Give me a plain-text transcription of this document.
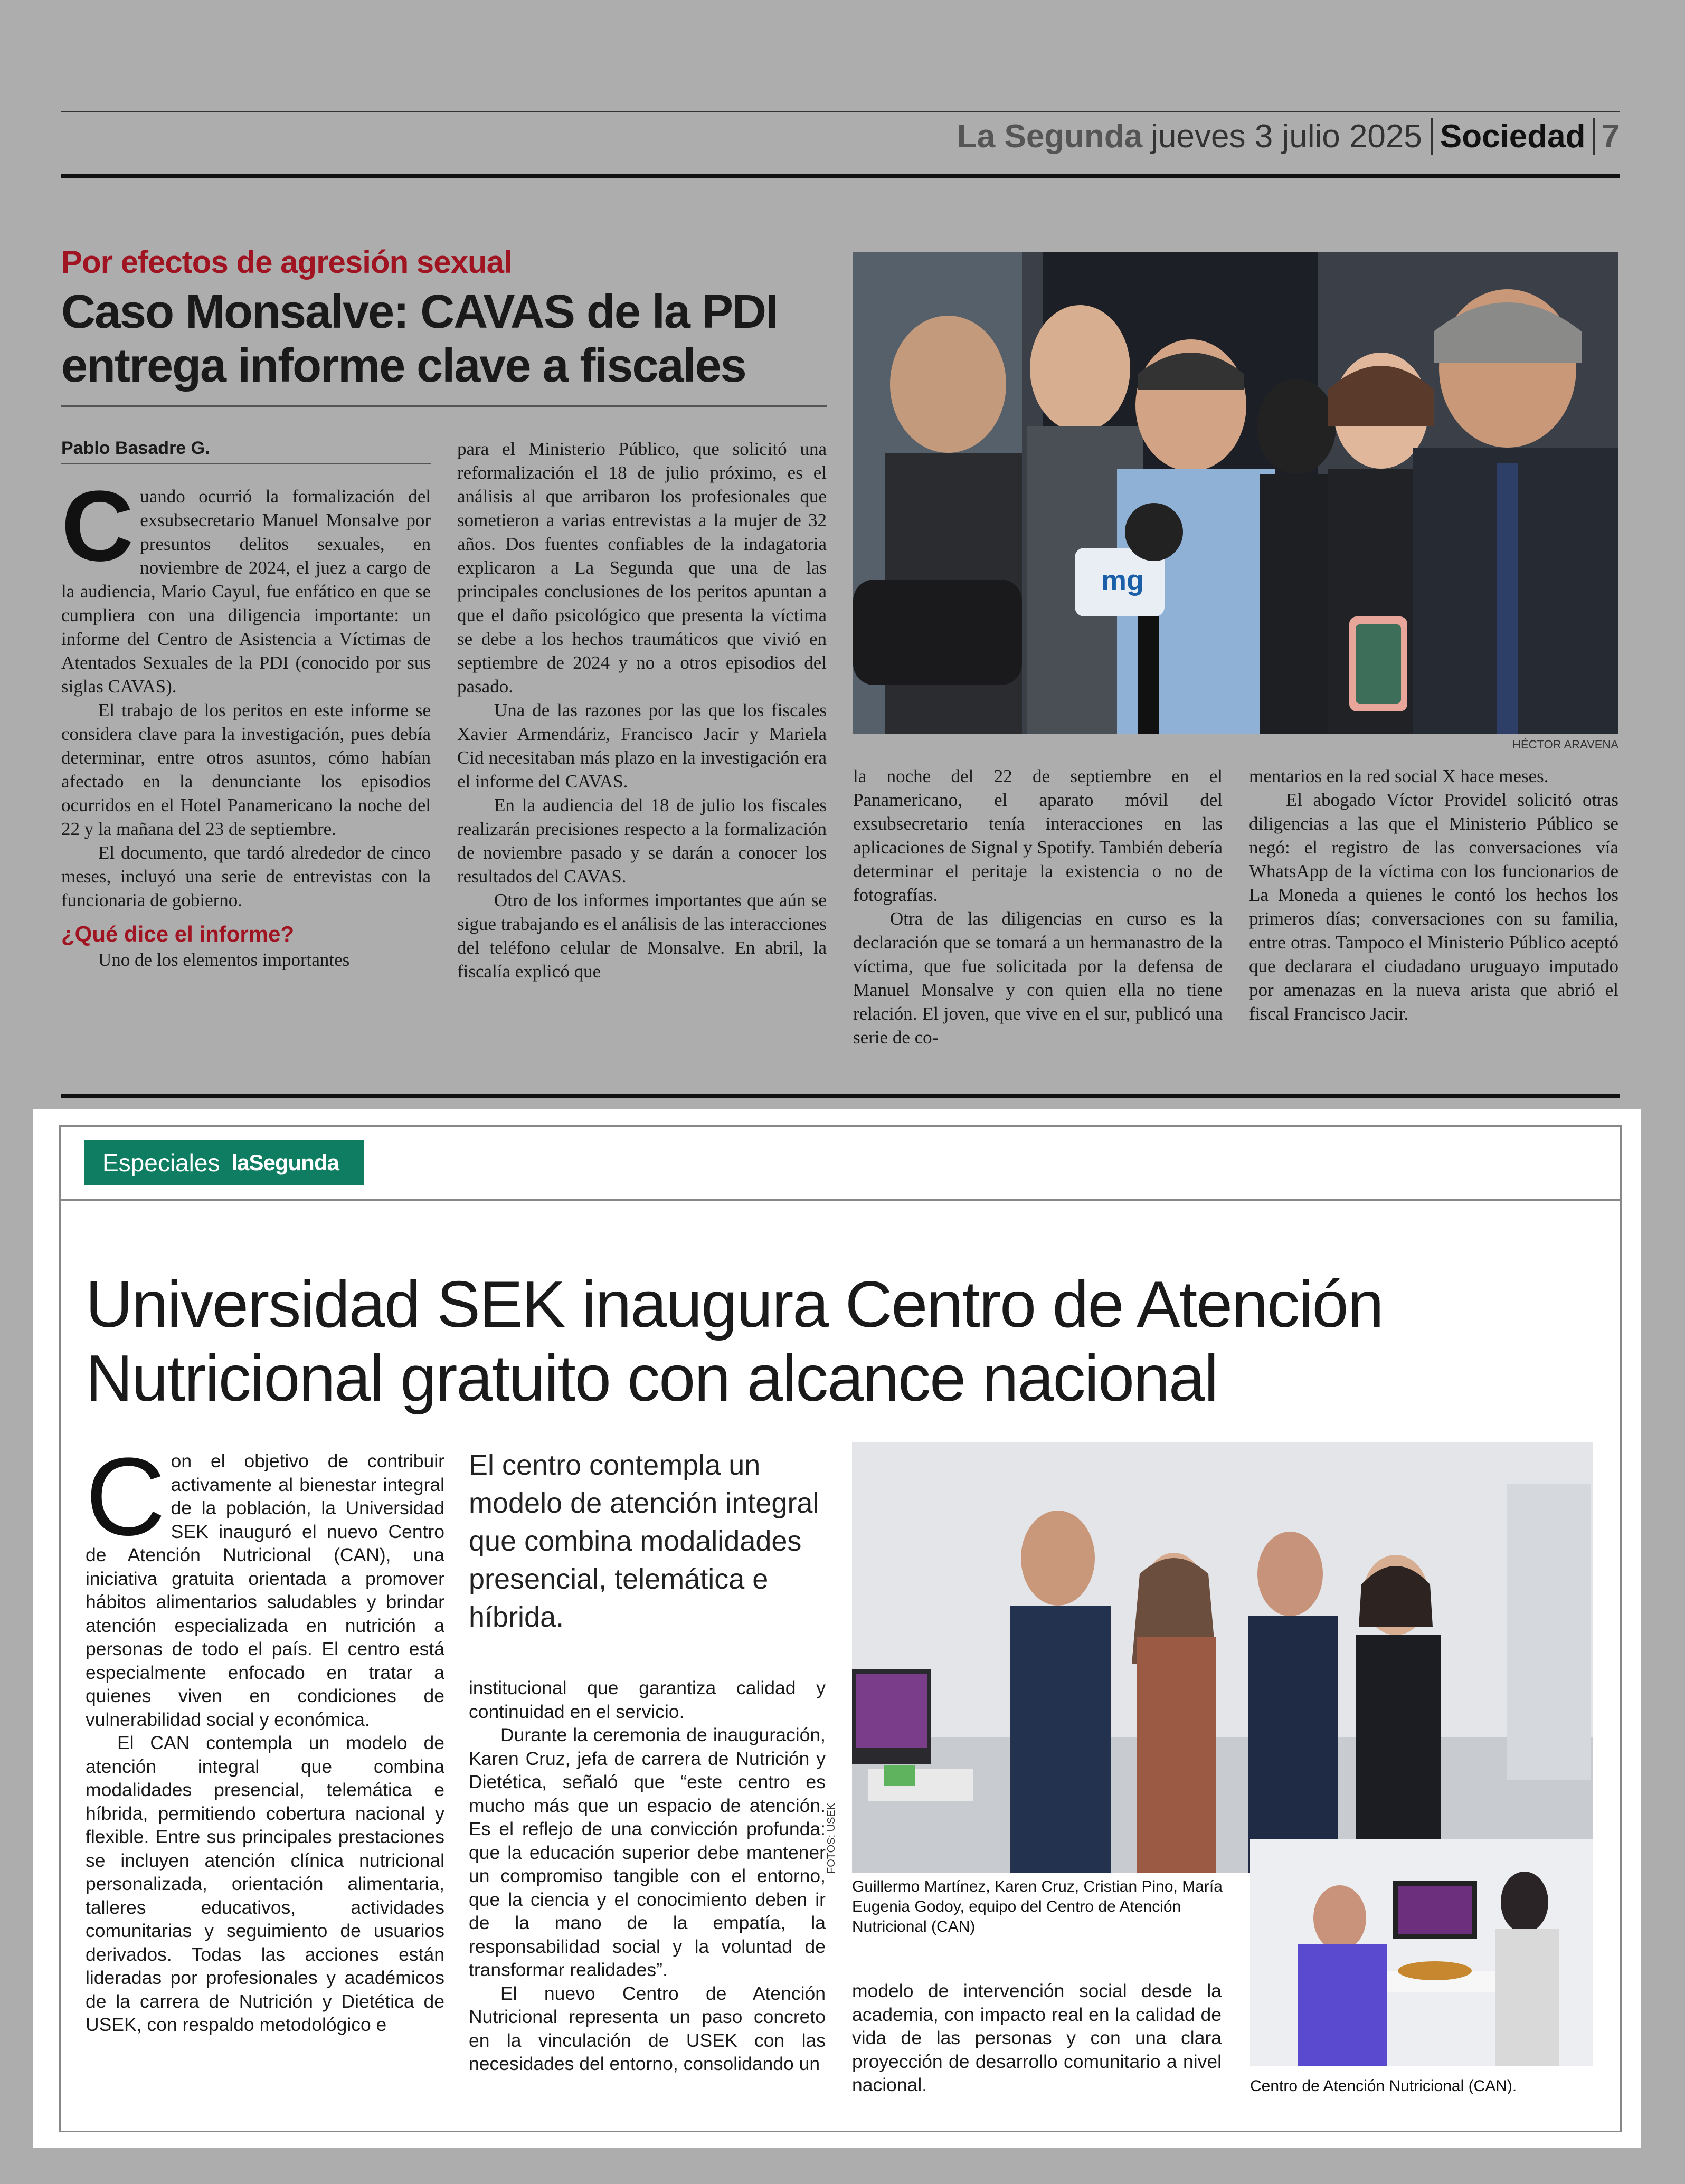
La Segunda jueves 3 julio 2025 Sociedad 7
Por efectos de agresión sexual
Caso Monsalve: CAVAS de la PDI
entrega informe clave a fiscales
Pablo Basadre G.

Cuando ocurrió la formalización del exsubsecretario Manuel Monsalve por presuntos delitos sexuales, en noviembre de 2024, el juez a cargo de la audiencia, Mario Cayul, fue enfático en que se cumpliera con una diligencia importante: un informe del Centro de Asistencia a Víctimas de Atentados Sexuales de la PDI (conocido por sus siglas CAVAS).

El trabajo de los peritos en este informe se considera clave para la investigación, pues debía determinar, entre otros asuntos, cómo habían afectado en la denunciante los episodios ocurridos en el Hotel Panamericano la noche del 22 y la mañana del 23 de septiembre.

El documento, que tardó alrededor de cinco meses, incluyó una serie de entrevistas con la funcionaria de gobierno.

¿Qué dice el informe?

Uno de los elementos importantes

para el Ministerio Público, que solicitó una reformalización el 18 de julio próximo, es el análisis al que arribaron los profesionales que sometieron a varias entrevistas a la mujer de 32 años. Dos fuentes confiables de la indagatoria explicaron a La Segunda que una de las principales conclusiones de los peritos apuntan a que el daño psicológico que presenta la víctima se debe a los hechos traumáticos que vivió en septiembre de 2024 y no a otros episodios del pasado.

Una de las razones por las que los fiscales Xavier Armendáriz, Francisco Jacir y Mariela Cid necesitaban más plazo en la investigación era el informe del CAVAS.

En la audiencia del 18 de julio los fiscales realizarán precisiones respecto a la formalización de noviembre pasado y se darán a conocer los resultados del CAVAS.

Otro de los informes importantes que aún se sigue trabajando es el análisis de las interacciones del teléfono celular de Monsalve. En abril, la fiscalía explicó que

mg
HÉCTOR ARAVENA

la noche del 22 de septiembre en el Panamericano, el aparato móvil del exsubsecretario tenía interacciones en las aplicaciones de Signal y Spotify. También debería determinar el peritaje la existencia o no de fotografías.

Otra de las diligencias en curso es la declaración que se tomará a un hermanastro de la víctima, que fue solicitada por la defensa de Manuel Monsalve y con quien ella no tiene relación. El joven, que vive en el sur, publicó una serie de co-

mentarios en la red social X hace meses.

El abogado Víctor Providel solicitó otras diligencias a las que el Ministerio Público se negó: el registro de las conversaciones vía WhatsApp de la víctima con los funcionarios de La Moneda a quienes le contó los hechos los primeros días; conversaciones con su familia, entre otras. Tampoco el Ministerio Público aceptó que declarara el ciudadano uruguayo imputado por amenazas en la nueva arista que abrió el fiscal Francisco Jacir.

Especiales laSegunda
Universidad SEK inaugura Centro de Atención
Nutricional gratuito con alcance nacional

Con el objetivo de contribuir activamente al bienestar integral de la población, la Universidad SEK inauguró el nuevo Centro de Atención Nutricional (CAN), una iniciativa gratuita orientada a promover hábitos alimentarios saludables y brindar atención especializada en nutrición a personas de todo el país. El centro está especialmente enfocado en tratar a quienes viven en condiciones de vulnerabilidad social y económica.

El CAN contempla un modelo de atención integral que combina modalidades presencial, telemática e híbrida, permitiendo cobertura nacional y flexible. Entre sus principales prestaciones se incluyen atención clínica nutricional personalizada, orientación alimentaria, talleres educativos, actividades comunitarias y seguimiento de usuarios derivados. Todas las acciones están lideradas por profesionales y académicos de la carrera de Nutrición y Dietética de USEK, con respaldo metodológico e

El centro contempla un modelo de atención integral que combina modalidades presencial, telemática e híbrida.

institucional que garantiza calidad y continuidad en el servicio.

Durante la ceremonia de inauguración, Karen Cruz, jefa de carrera de Nutrición y Dietética, señaló que “este centro es mucho más que un espacio de atención. Es el reflejo de una convicción profunda: que la educación superior debe mantener un compromiso tangible con el entorno, que la ciencia y el conocimiento deben ir de la mano de la empatía, la responsabilidad social y la voluntad de transformar realidades”.

El nuevo Centro de Atención Nutricional representa un paso concreto en la vinculación de USEK con las necesidades del entorno, consolidando un

FOTOS: USEK
Guillermo Martínez, Karen Cruz, Cristian Pino, María Eugenia Godoy, equipo del Centro de Atención Nutricional (CAN)
Centro de Atención Nutricional (CAN).

modelo de intervención social desde la academia, con impacto real en la calidad de vida de las personas y con una clara proyección de desarrollo comunitario a nivel nacional.
